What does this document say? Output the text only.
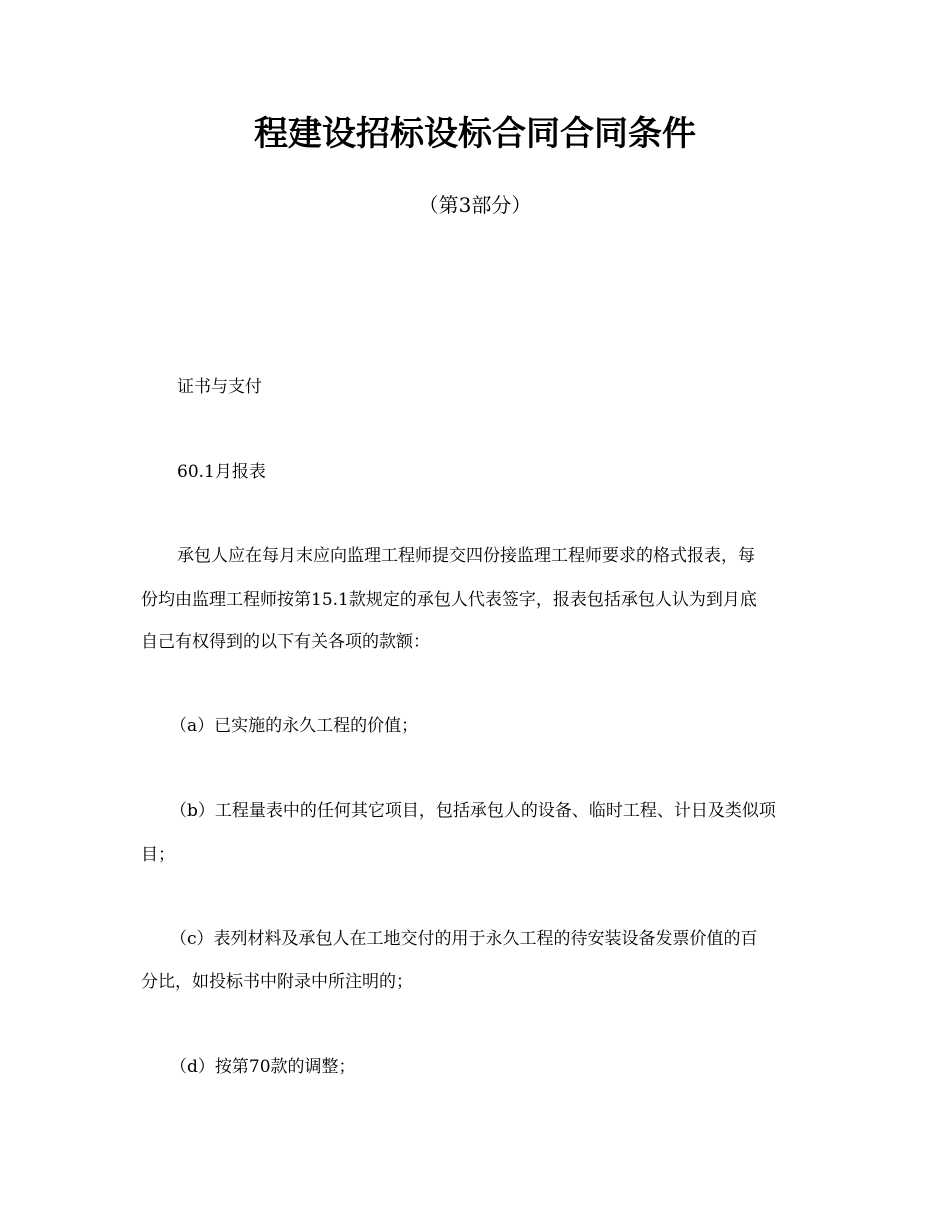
程建设招标设标合同合同条件
（第3部分）
证书与支付
60.1月报表
承包人应在每月末应向监理工程师提交四份接监理工程师要求的格式报表，每
份均由监理工程师按第15.1款规定的承包人代表签字，报表包括承包人认为到月底
自己有权得到的以下有关各项的款额：
（a）已实施的永久工程的价值；
（b）工程量表中的任何其它项目，包括承包人的设备、临时工程、计日及类似项
目；
（c）表列材料及承包人在工地交付的用于永久工程的待安装设备发票价值的百
分比，如投标书中附录中所注明的；
（d）按第70款的调整；
